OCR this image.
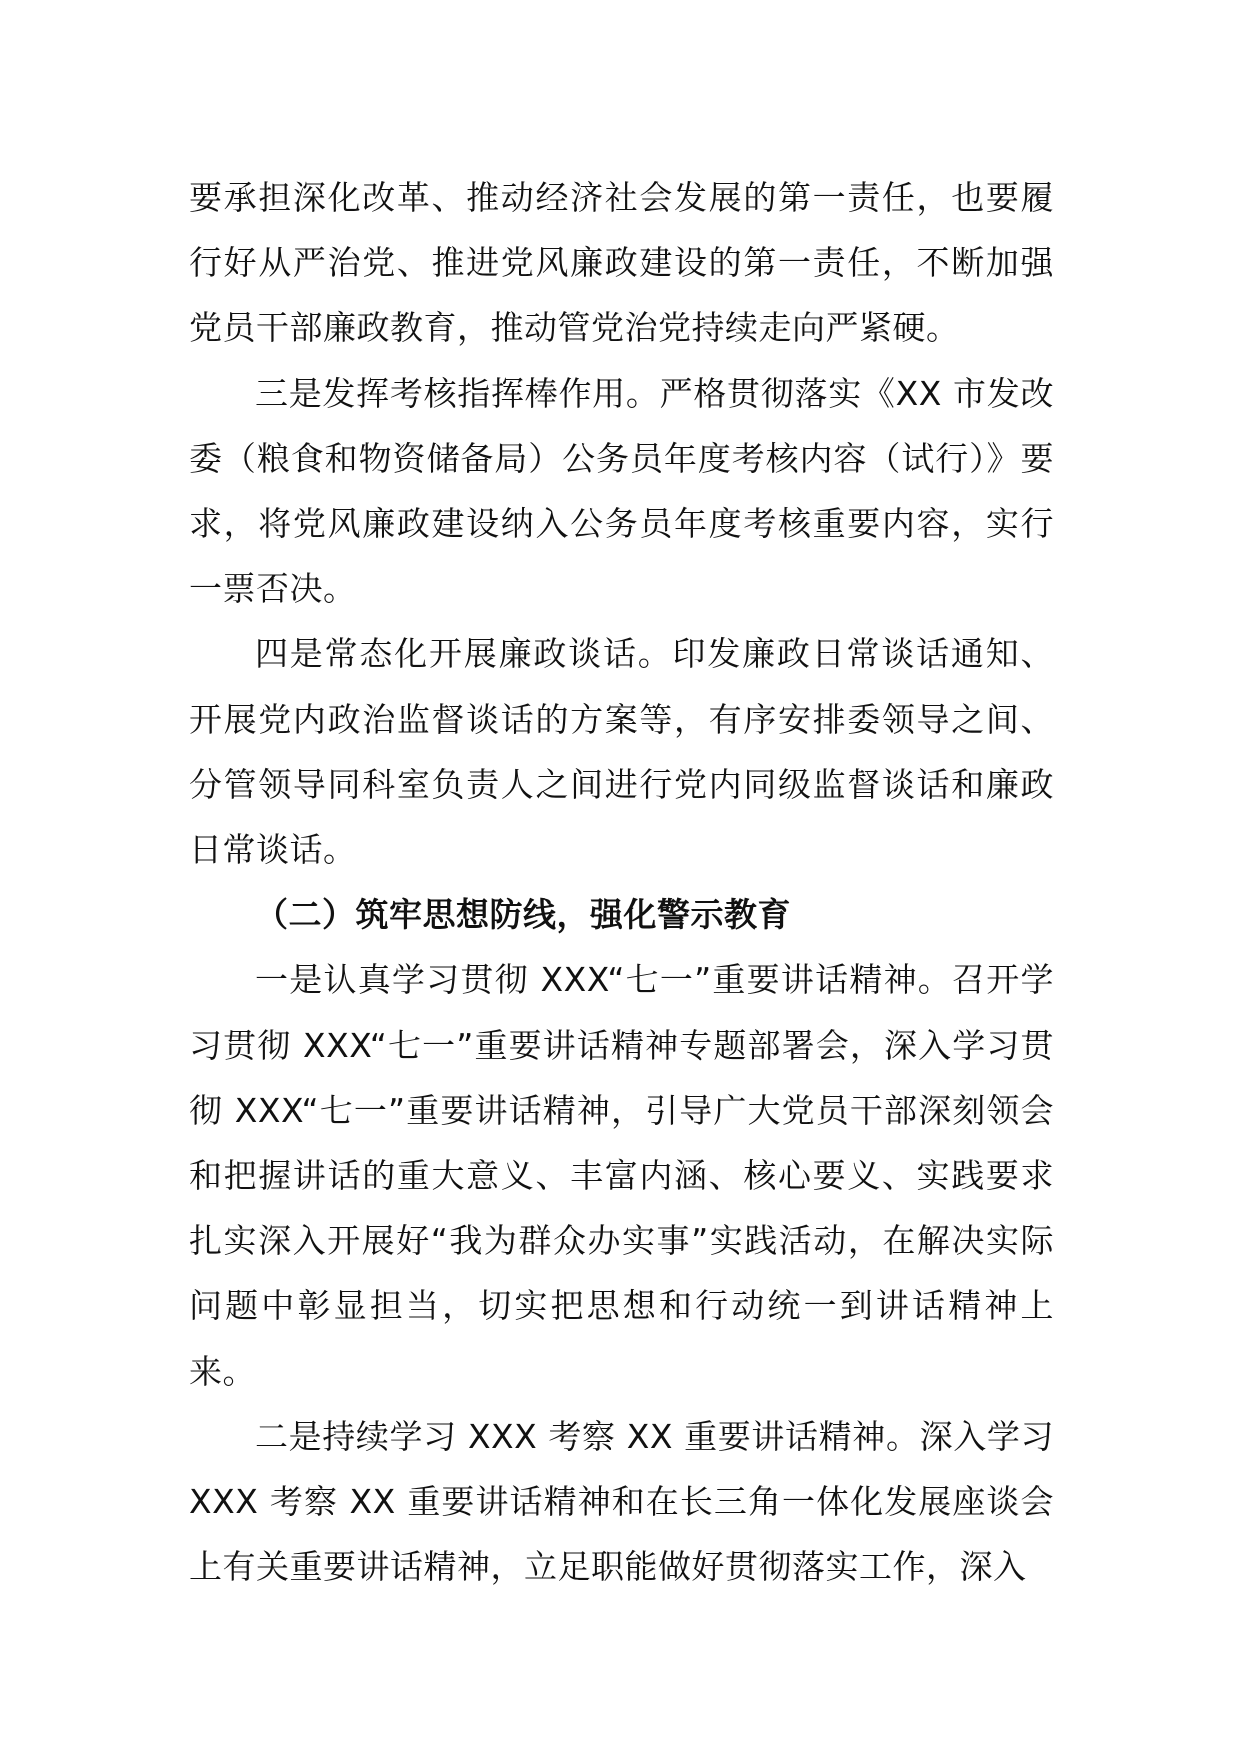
要承担深化改革、推动经济社会发展的第一责任，也要履行好从严治党、推进党风廉政建设的第一责任，不断加强党员干部廉政教育，推动管党治党持续走向严紧硬。

三是发挥考核指挥棒作用。严格贯彻落实《XX 市发改委（粮食和物资储备局）公务员年度考核内容（试行）》要求，将党风廉政建设纳入公务员年度考核重要内容，实行一票否决。

四是常态化开展廉政谈话。印发廉政日常谈话通知、开展党内政治监督谈话的方案等，有序安排委领导之间、分管领导同科室负责人之间进行党内同级监督谈话和廉政日常谈话。

（二）筑牢思想防线，强化警示教育

一是认真学习贯彻 XXX“七一”重要讲话精神。召开学习贯彻 XXX“七一”重要讲话精神专题部署会，深入学习贯彻 XXX“七一”重要讲话精神，引导广大党员干部深刻领会和把握讲话的重大意义、丰富内涵、核心要义、实践要求扎实深入开展好“我为群众办实事”实践活动，在解决实际问题中彰显担当，切实把思想和行动统一到讲话精神上来。

二是持续学习 XXX 考察 XX 重要讲话精神。深入学习 XXX 考察 XX 重要讲话精神和在长三角一体化发展座谈会上有关重要讲话精神，立足职能做好贯彻落实工作，深入
